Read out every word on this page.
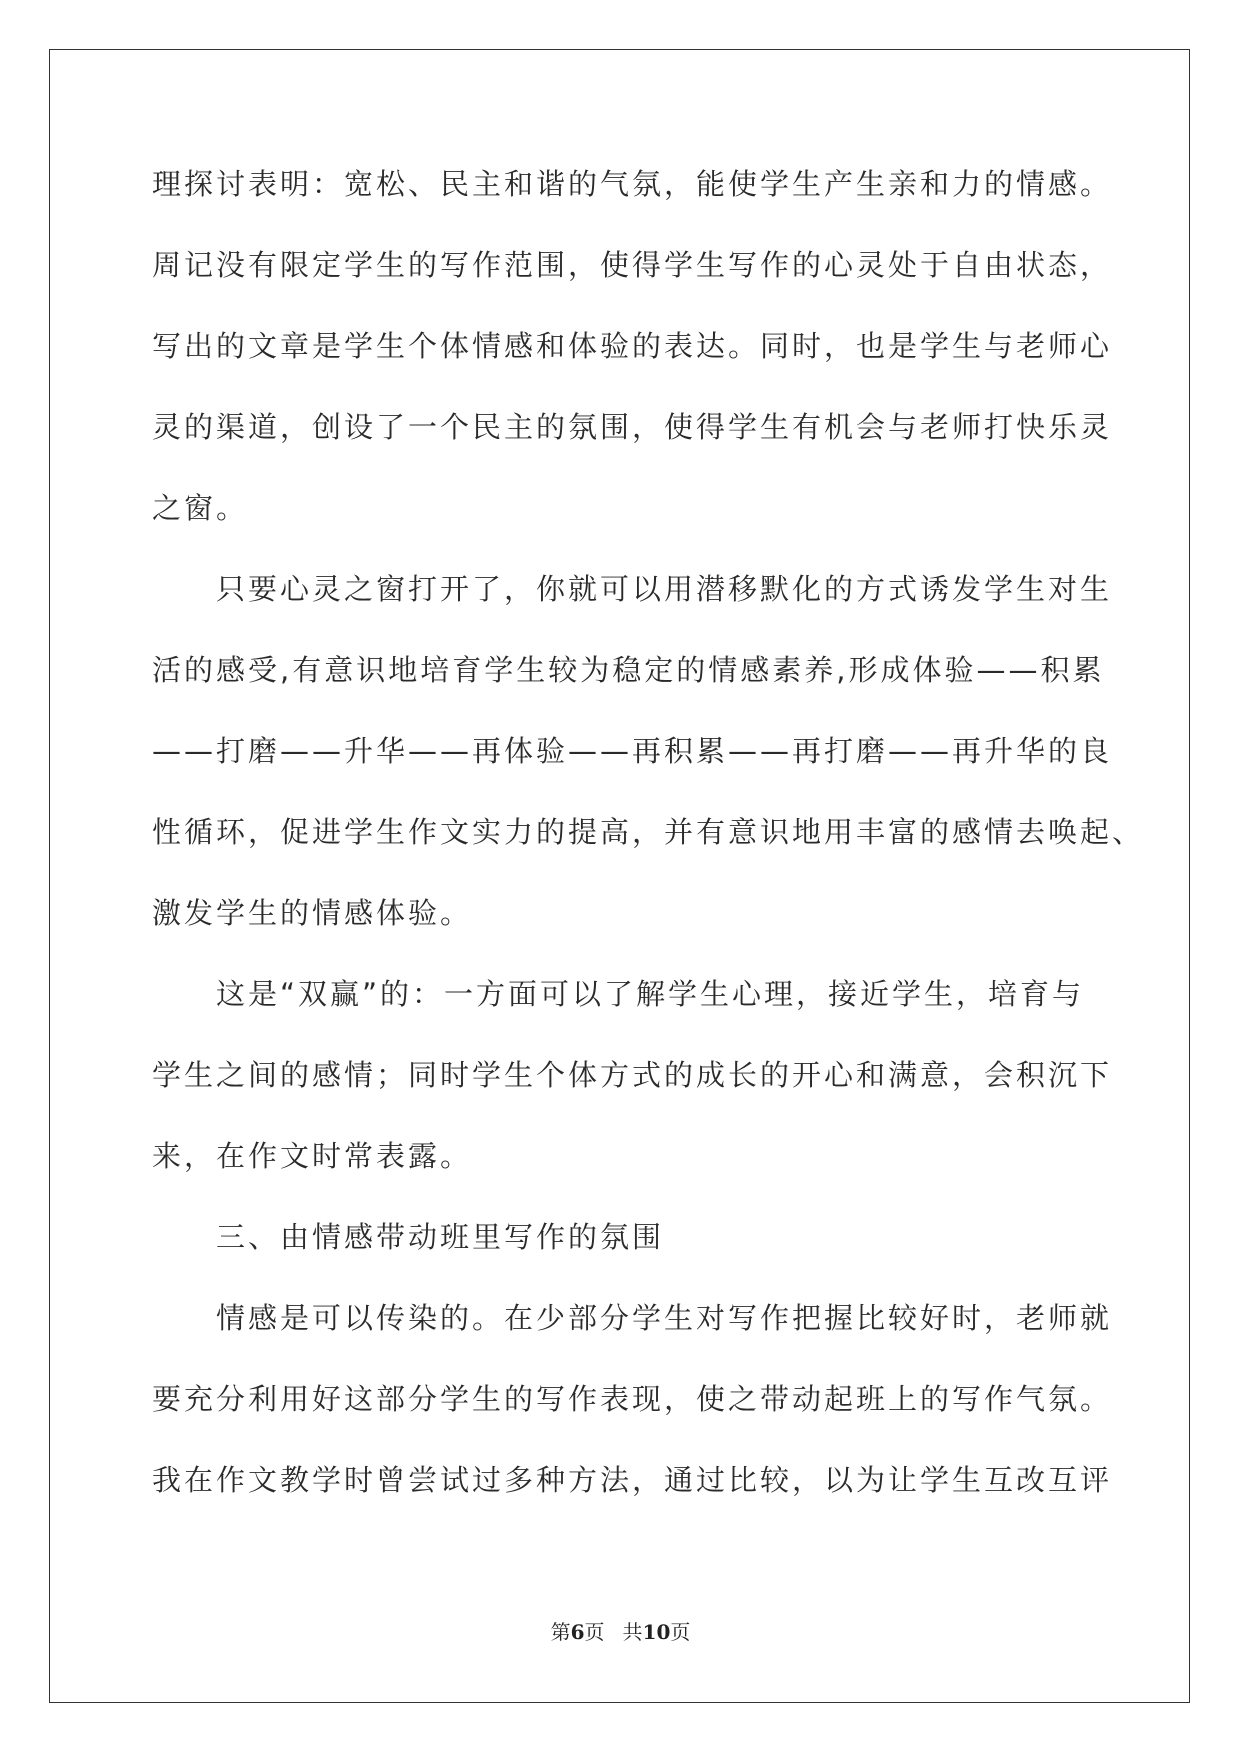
理探讨表明：宽松、民主和谐的气氛，能使学生产生亲和力的情感。
周记没有限定学生的写作范围，使得学生写作的心灵处于自由状态，
写出的文章是学生个体情感和体验的表达。同时，也是学生与老师心
灵的渠道，创设了一个民主的氛围，使得学生有机会与老师打快乐灵
之窗。
　　只要心灵之窗打开了，你就可以用潜移默化的方式诱发学生对生
活的感受,有意识地培育学生较为稳定的情感素养,形成体验——积累
——打磨——升华——再体验——再积累——再打磨——再升华的良
性循环，促进学生作文实力的提高，并有意识地用丰富的感情去唤起、
激发学生的情感体验。
　　这是“双赢”的：一方面可以了解学生心理，接近学生，培育与
学生之间的感情；同时学生个体方式的成长的开心和满意，会积沉下
来，在作文时常表露。
　　三、由情感带动班里写作的氛围
　　情感是可以传染的。在少部分学生对写作把握比较好时，老师就
要充分利用好这部分学生的写作表现，使之带动起班上的写作气氛。
我在作文教学时曾尝试过多种方法，通过比较，以为让学生互改互评
第6页 共10页
